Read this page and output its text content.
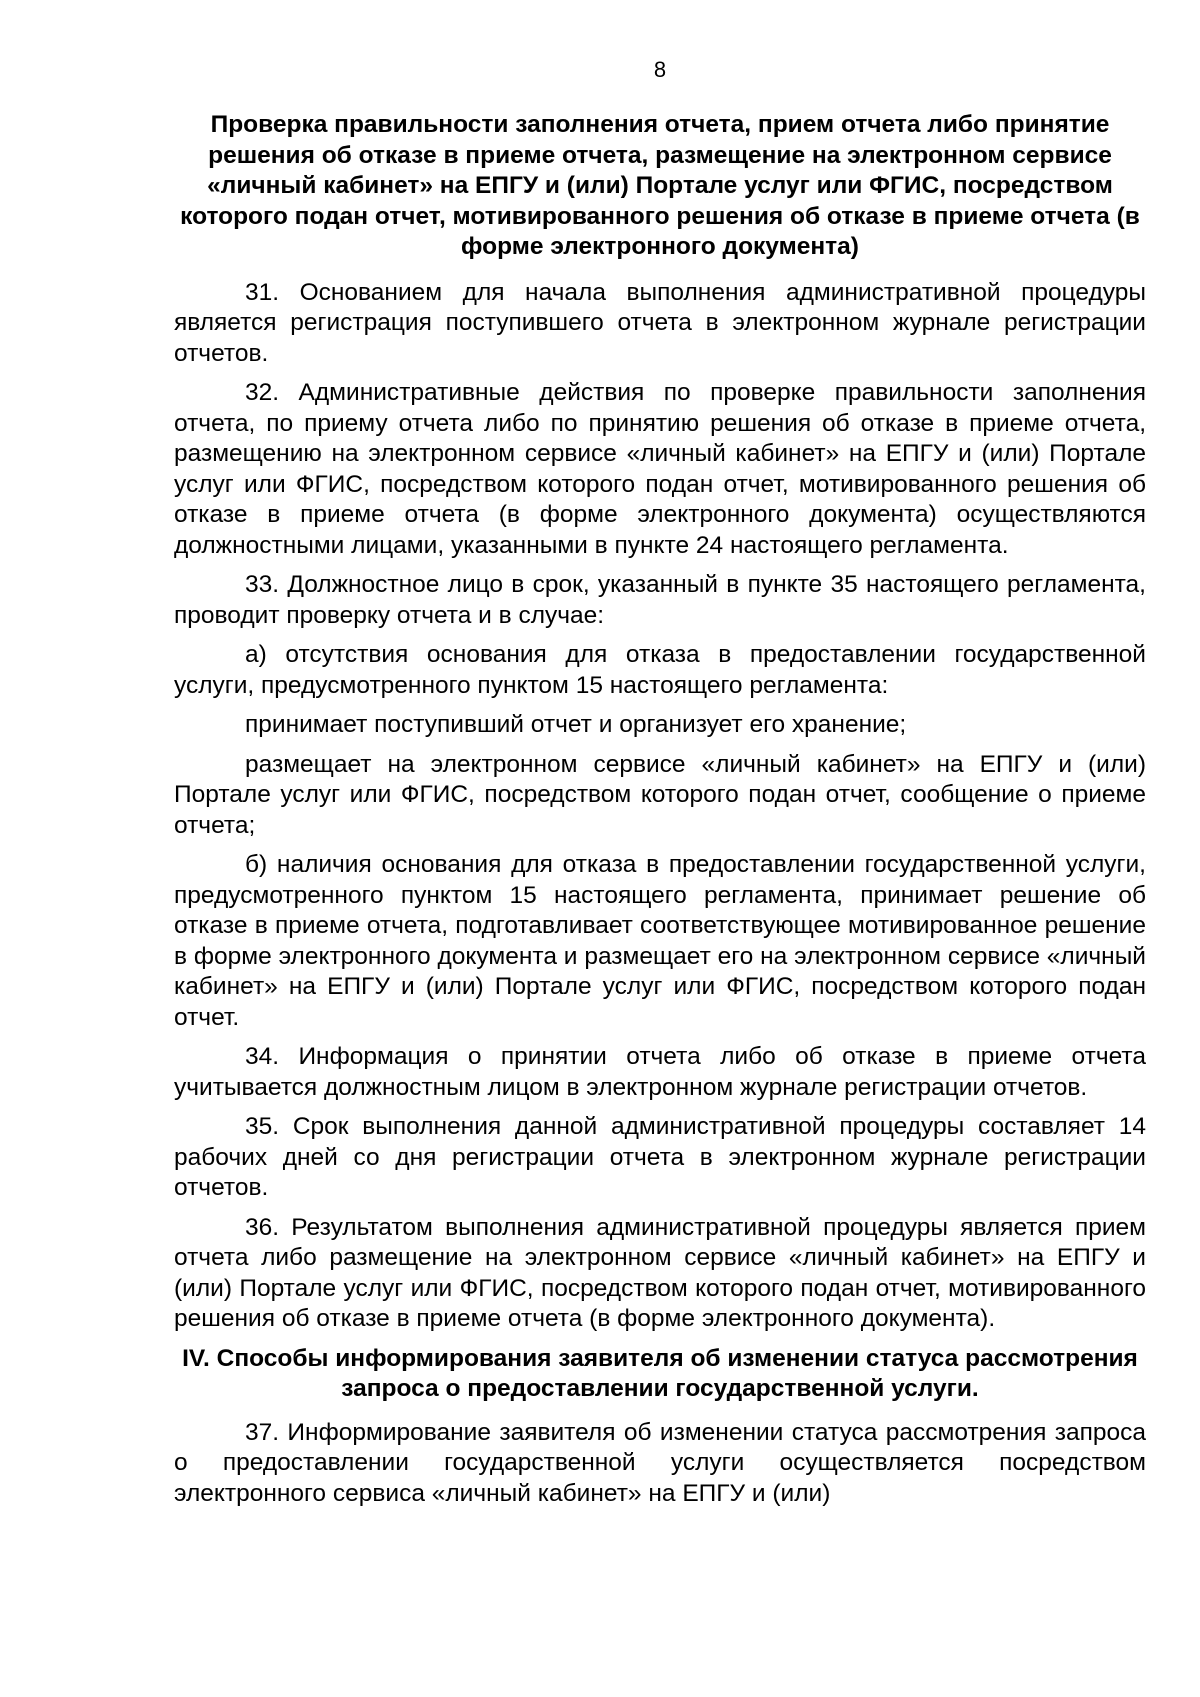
8

Проверка правильности заполнения отчета, прием отчета либо принятие решения об отказе в приеме отчета, размещение на электронном сервисе «личный кабинет» на ЕПГУ и (или) Портале услуг или ФГИС, посредством которого подан отчет, мотивированного решения об отказе в приеме отчета (в форме электронного документа)

31. Основанием для начала выполнения административной процедуры является регистрация поступившего отчета в электронном журнале регистрации отчетов.

32. Административные действия по проверке правильности заполнения отчета, по приему отчета либо по принятию решения об отказе в приеме отчета, размещению на электронном сервисе «личный кабинет» на ЕПГУ и (или) Портале услуг или ФГИС, посредством которого подан отчет, мотивированного решения об отказе в приеме отчета (в форме электронного документа) осуществляются должностными лицами, указанными в пункте 24 настоящего регламента.

33. Должностное лицо в срок, указанный в пункте 35 настоящего регламента, проводит проверку отчета и в случае:

а) отсутствия основания для отказа в предоставлении государственной услуги, предусмотренного пунктом 15 настоящего регламента:

принимает поступивший отчет и организует его хранение;

размещает на электронном сервисе «личный кабинет» на ЕПГУ и (или) Портале услуг или ФГИС, посредством которого подан отчет, сообщение о приеме отчета;

б) наличия основания для отказа в предоставлении государственной услуги, предусмотренного пунктом 15 настоящего регламента, принимает решение об отказе в приеме отчета, подготавливает соответствующее мотивированное решение в форме электронного документа и размещает его на электронном сервисе «личный кабинет» на ЕПГУ и (или) Портале услуг или ФГИС, посредством которого подан отчет.

34. Информация о принятии отчета либо об отказе в приеме отчета учитывается должностным лицом в электронном журнале регистрации отчетов.

35. Срок выполнения данной административной процедуры составляет 14 рабочих дней со дня регистрации отчета в электронном журнале регистрации отчетов.

36. Результатом выполнения административной процедуры является прием отчета либо размещение на электронном сервисе «личный кабинет» на ЕПГУ и (или) Портале услуг или ФГИС, посредством которого подан отчет, мотивированного решения об отказе в приеме отчета (в форме электронного документа).

IV. Способы информирования заявителя об изменении статуса рассмотрения запроса о предоставлении государственной услуги.

37. Информирование заявителя об изменении статуса рассмотрения запроса о предоставлении государственной услуги осуществляется посредством электронного сервиса «личный кабинет» на ЕПГУ и (или)
